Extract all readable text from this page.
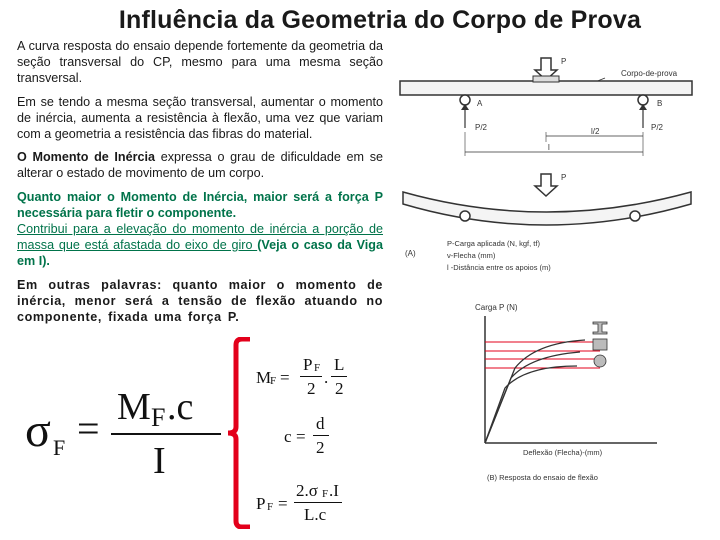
Influência da Geometria do Corpo de Prova

A curva resposta do ensaio depende fortemente da geometria da seção transversal do CP, mesmo para uma mesma seção transversal.

Em se tendo a mesma seção transversal, aumentar o momento de inércia, aumenta a resistência à flexão, uma vez que variam com a geometria a resistência das fibras do material.

O Momento de Inércia expressa o grau de dificuldade em se alterar o estado de movimento de um corpo.

Quanto maior o Momento de Inércia, maior será a força P necessária para fletir o componente.
Contribui para a elevação do momento de inércia a porção de massa que está afastada do eixo de giro (Veja o caso da Viga em I).

Em outras palavras: quanto maior o momento de inércia, menor será a tensão de flexão atuando no componente, fixada uma força P.

σ F = M F .c
I
M
F =
P F
2
.
L
2
c =
d
2
P F =
2.σ F .I
L.c
P
Corpo-de-prova
A	B
P/2	P/2
l/2
l
P
(A)
P-Carga aplicada (N, kgf, tf)
ν-Flecha (mm)
l -Distância entre os apoios (m)
Carga P (N)
Deflexão (Flecha)-(mm)
(B) Resposta do ensaio de flexão
